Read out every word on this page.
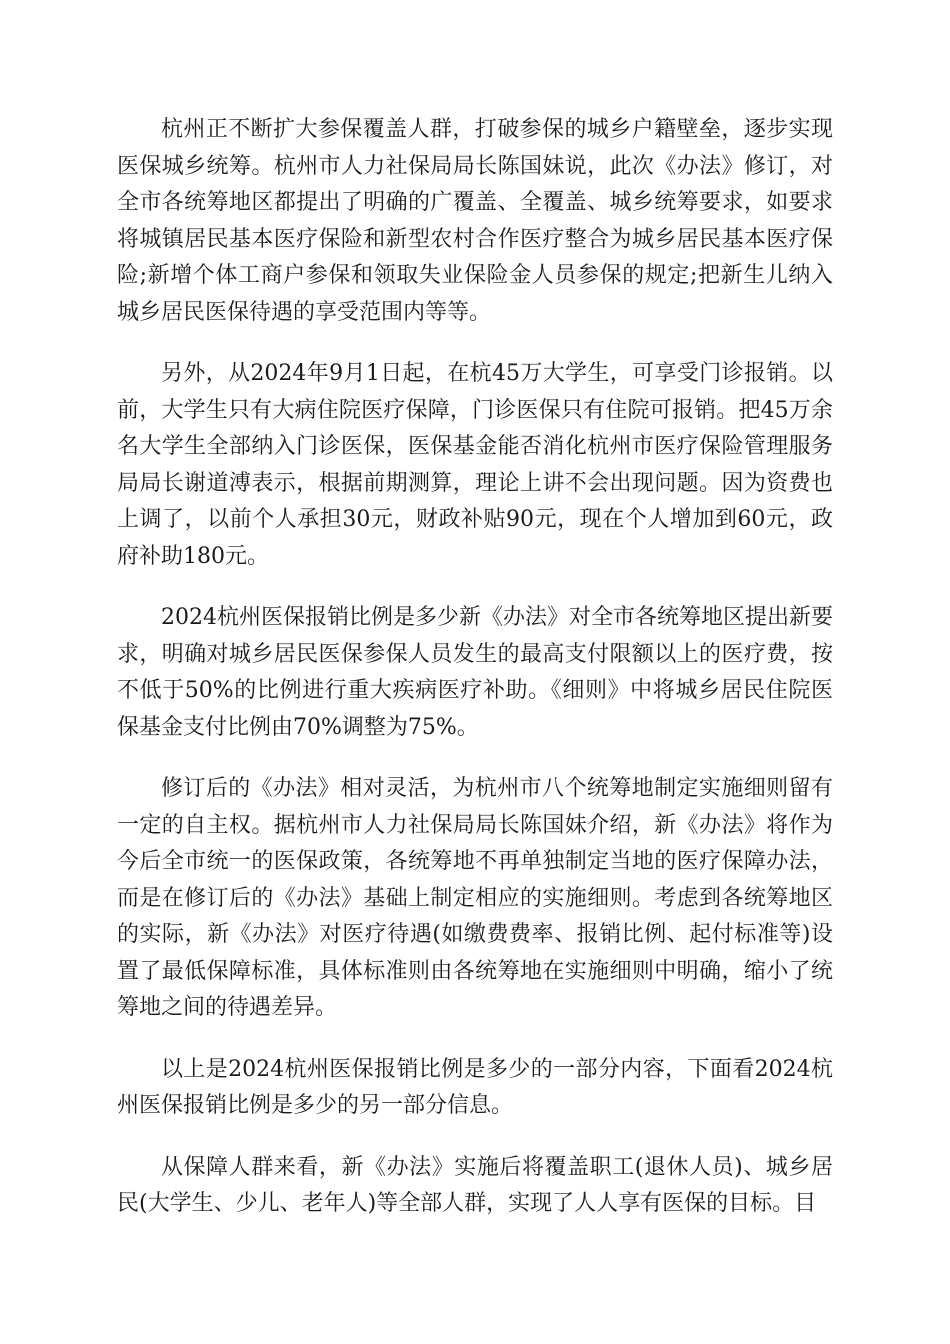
杭州正不断扩大参保覆盖人群，打破参保的城乡户籍壁垒，逐步实现医保城乡统筹。杭州市人力社保局局长陈国妹说，此次《办法》修订，对全市各统筹地区都提出了明确的广覆盖、全覆盖、城乡统筹要求，如要求将城镇居民基本医疗保险和新型农村合作医疗整合为城乡居民基本医疗保险;新增个体工商户参保和领取失业保险金人员参保的规定;把新生儿纳入城乡居民医保待遇的享受范围内等等。

另外，从2024年9月1日起，在杭45万大学生，可享受门诊报销。以前，大学生只有大病住院医疗保障，门诊医保只有住院可报销。把45万余名大学生全部纳入门诊医保，医保基金能否消化杭州市医疗保险管理服务局局长谢道溥表示，根据前期测算，理论上讲不会出现问题。因为资费也上调了，以前个人承担30元，财政补贴90元，现在个人增加到60元，政府补助180元。

2024杭州医保报销比例是多少新《办法》对全市各统筹地区提出新要求，明确对城乡居民医保参保人员发生的最高支付限额以上的医疗费，按不低于50%的比例进行重大疾病医疗补助。《细则》中将城乡居民住院医保基金支付比例由70%调整为75%。

修订后的《办法》相对灵活，为杭州市八个统筹地制定实施细则留有一定的自主权。据杭州市人力社保局局长陈国妹介绍，新《办法》将作为今后全市统一的医保政策，各统筹地不再单独制定当地的医疗保障办法，而是在修订后的《办法》基础上制定相应的实施细则。考虑到各统筹地区的实际，新《办法》对医疗待遇(如缴费费率、报销比例、起付标准等)设置了最低保障标准，具体标准则由各统筹地在实施细则中明确，缩小了统筹地之间的待遇差异。

以上是2024杭州医保报销比例是多少的一部分内容，下面看2024杭州医保报销比例是多少的另一部分信息。

从保障人群来看，新《办法》实施后将覆盖职工(退休人员)、城乡居民(大学生、少儿、老年人)等全部人群，实现了人人享有医保的目标。目
